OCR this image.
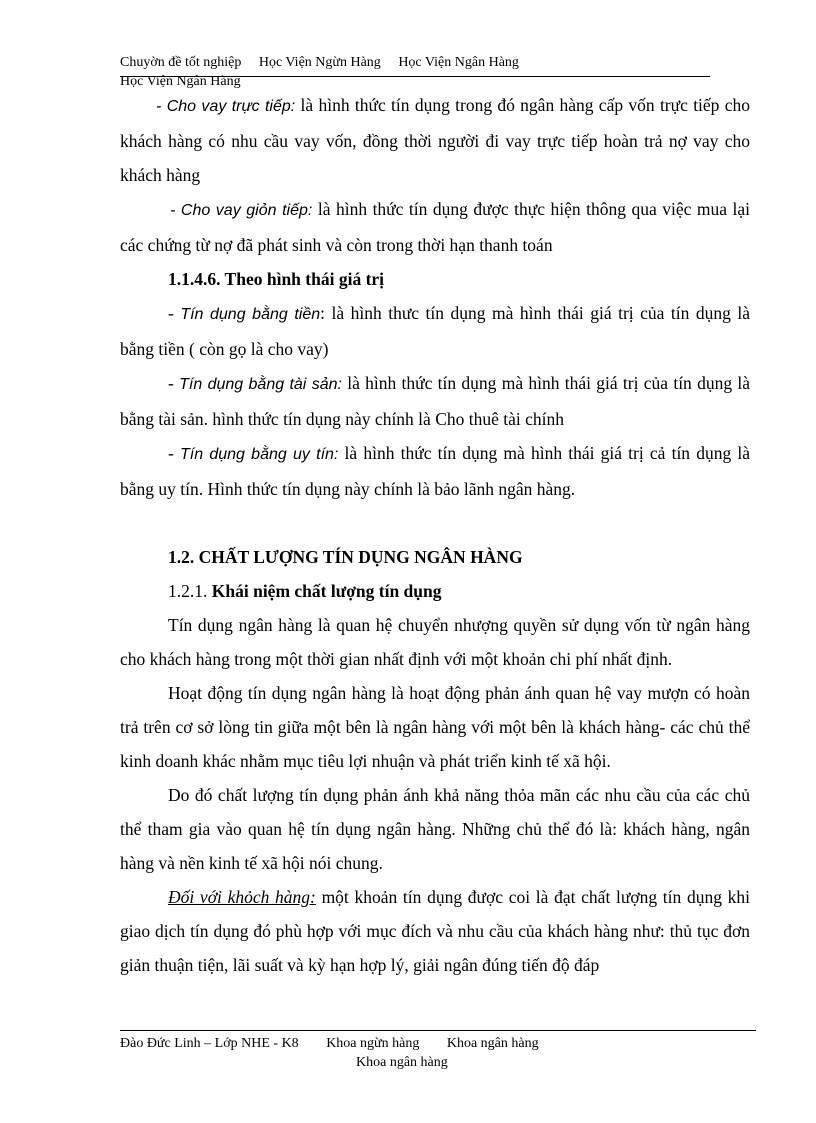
Chuyờn đề tốt nghiệp Học Viện Ngừn Hàng Học Viện Ngân Hàng
Học Viện Ngân Hàng

- Cho vay trực tiếp: là hình thức tín dụng trong đó ngân hàng cấp vốn trực tiếp cho khách hàng có nhu cầu vay vốn, đồng thời người đi vay trực tiếp hoàn trả nợ vay cho khách hàng

- Cho vay giỏn tiếp: là hình thức tín dụng được thực hiện thông qua việc mua lại các chứng từ nợ đã phát sinh và còn trong thời hạn thanh toán

1.1.4.6. Theo hình thái giá trị

- Tín dụng bằng tiền: là hình thưc tín dụng mà hình thái giá trị của tín dụng là bằng tiền ( còn gọ là cho vay)

- Tín dụng bằng tài sản: là hình thức tín dụng mà hình thái giá trị của tín dụng là bằng tài sản. hình thức tín dụng này chính là Cho thuê tài chính

- Tín dụng bằng uy tín: là hình thức tín dụng mà hình thái giá trị cả tín dụng là bằng uy tín. Hình thức tín dụng này chính là bảo lãnh ngân hàng.

1.2. CHẤT LƯỢNG TÍN DỤNG NGÂN HÀNG
1.2.1. Khái niệm chất lượng tín dụng

Tín dụng ngân hàng là quan hệ chuyển nhượng quyền sử dụng vốn từ ngân hàng cho khách hàng trong một thời gian nhất định với một khoản chi phí nhất định.

Hoạt động tín dụng ngân hàng là hoạt động phản ánh quan hệ vay mượn có hoàn trả trên cơ sở lòng tin giữa một bên là ngân hàng với một bên là khách hàng- các chủ thể kinh doanh khác nhằm mục tiêu lợi nhuận và phát triển kinh tế xã hội.

Do đó chất lượng tín dụng phản ánh khả năng thỏa mãn các nhu cầu của các chủ thể tham gia vào quan hệ tín dụng ngân hàng. Những chủ thể đó là: khách hàng, ngân hàng và nền kinh tế xã hội nói chung.

Đối với khỏch hàng: một khoản tín dụng được coi là đạt chất lượng tín dụng khi giao dịch tín dụng đó phù hợp với mục đích và nhu cầu của khách hàng như: thủ tục đơn giản thuận tiện, lãi suất và kỳ hạn hợp lý, giải ngân đúng tiến độ đáp

Đào Đức Linh – Lớp NHE - K8 Khoa ngừn hàng Khoa ngân hàng
Khoa ngân hàng
